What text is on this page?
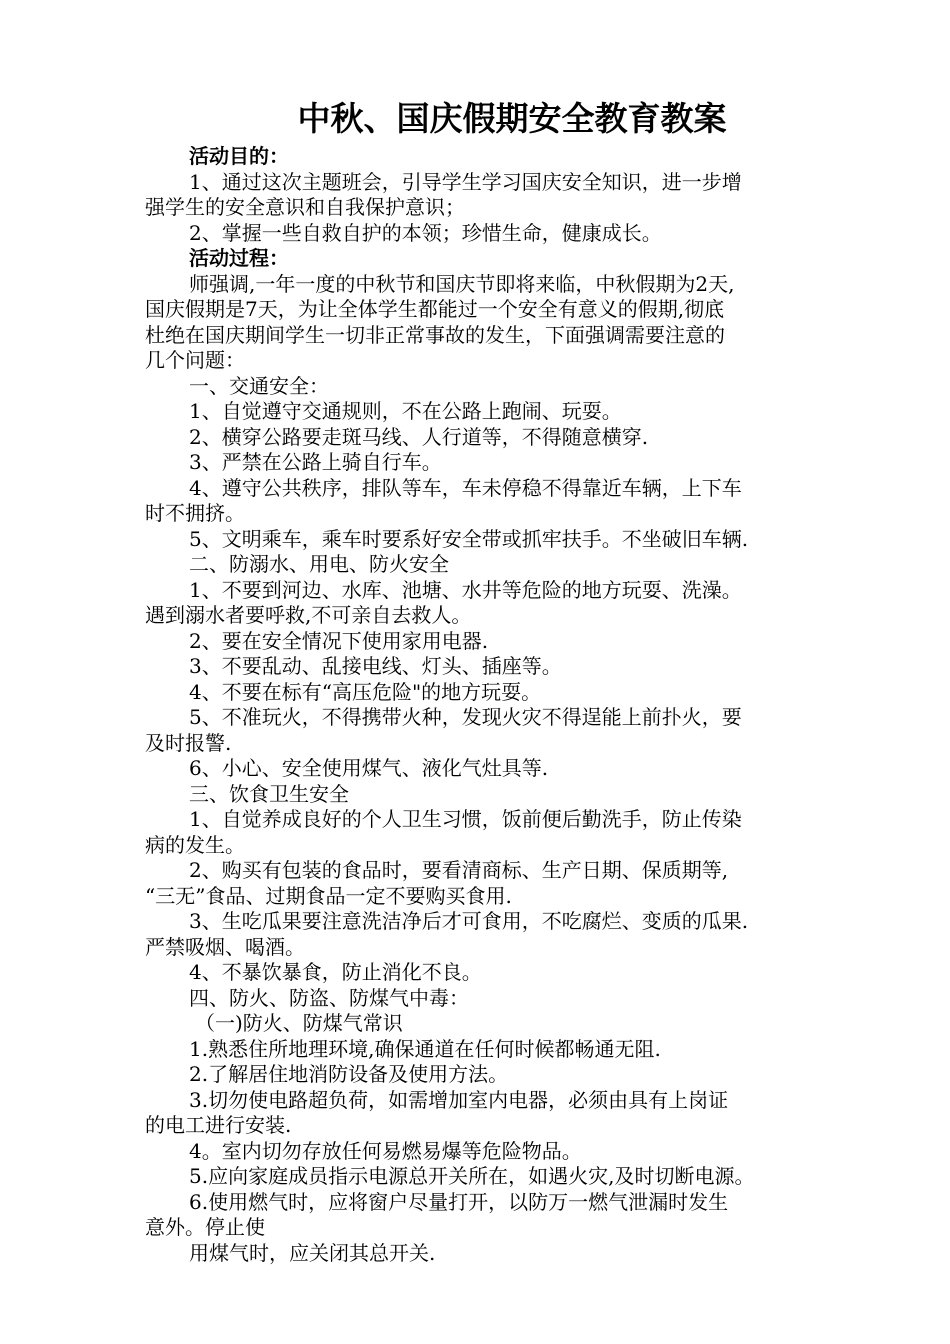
中秋、国庆假期安全教育教案

活动目的：

1、通过这次主题班会，引导学生学习国庆安全知识，进一步增

强学生的安全意识和自我保护意识；

2、掌握一些自救自护的本领；珍惜生命，健康成长。

活动过程：

师强调,一年一度的中秋节和国庆节即将来临，中秋假期为2天,

国庆假期是7天，为让全体学生都能过一个安全有意义的假期,彻底

杜绝在国庆期间学生一切非正常事故的发生，下面强调需要注意的

几个问题：

一、交通安全：

1、自觉遵守交通规则，不在公路上跑闹、玩耍。

2、横穿公路要走斑马线、人行道等，不得随意横穿.

3、严禁在公路上骑自行车。

4、遵守公共秩序，排队等车，车未停稳不得靠近车辆，上下车

时不拥挤。

5、文明乘车，乘车时要系好安全带或抓牢扶手。不坐破旧车辆.

二、防溺水、用电、防火安全

1、不要到河边、水库、池塘、水井等危险的地方玩耍、洗澡。

遇到溺水者要呼救,不可亲自去救人。

2、要在安全情况下使用家用电器.

3、不要乱动、乱接电线、灯头、插座等。

4、不要在标有“高压危险"的地方玩耍。

5、不准玩火，不得携带火种，发现火灾不得逞能上前扑火，要

及时报警.

6、小心、安全使用煤气、液化气灶具等.

三、饮食卫生安全

1、自觉养成良好的个人卫生习惯，饭前便后勤洗手，防止传染

病的发生。

2、购买有包装的食品时，要看清商标、生产日期、保质期等,

“三无”食品、过期食品一定不要购买食用.

3、生吃瓜果要注意洗洁净后才可食用，不吃腐烂、变质的瓜果.

严禁吸烟、喝酒。

4、不暴饮暴食，防止消化不良。

四、防火、防盗、防煤气中毒：

（一)防火、防煤气常识

1.熟悉住所地理环境,确保通道在任何时候都畅通无阻.

2.了解居住地消防设备及使用方法。

3.切勿使电路超负荷，如需增加室内电器，必须由具有上岗证

的电工进行安装.

4。室内切勿存放任何易燃易爆等危险物品。

5.应向家庭成员指示电源总开关所在，如遇火灾,及时切断电源。

6.使用燃气时，应将窗户尽量打开，以防万一燃气泄漏时发生

意外。停止使

用煤气时，应关闭其总开关.
